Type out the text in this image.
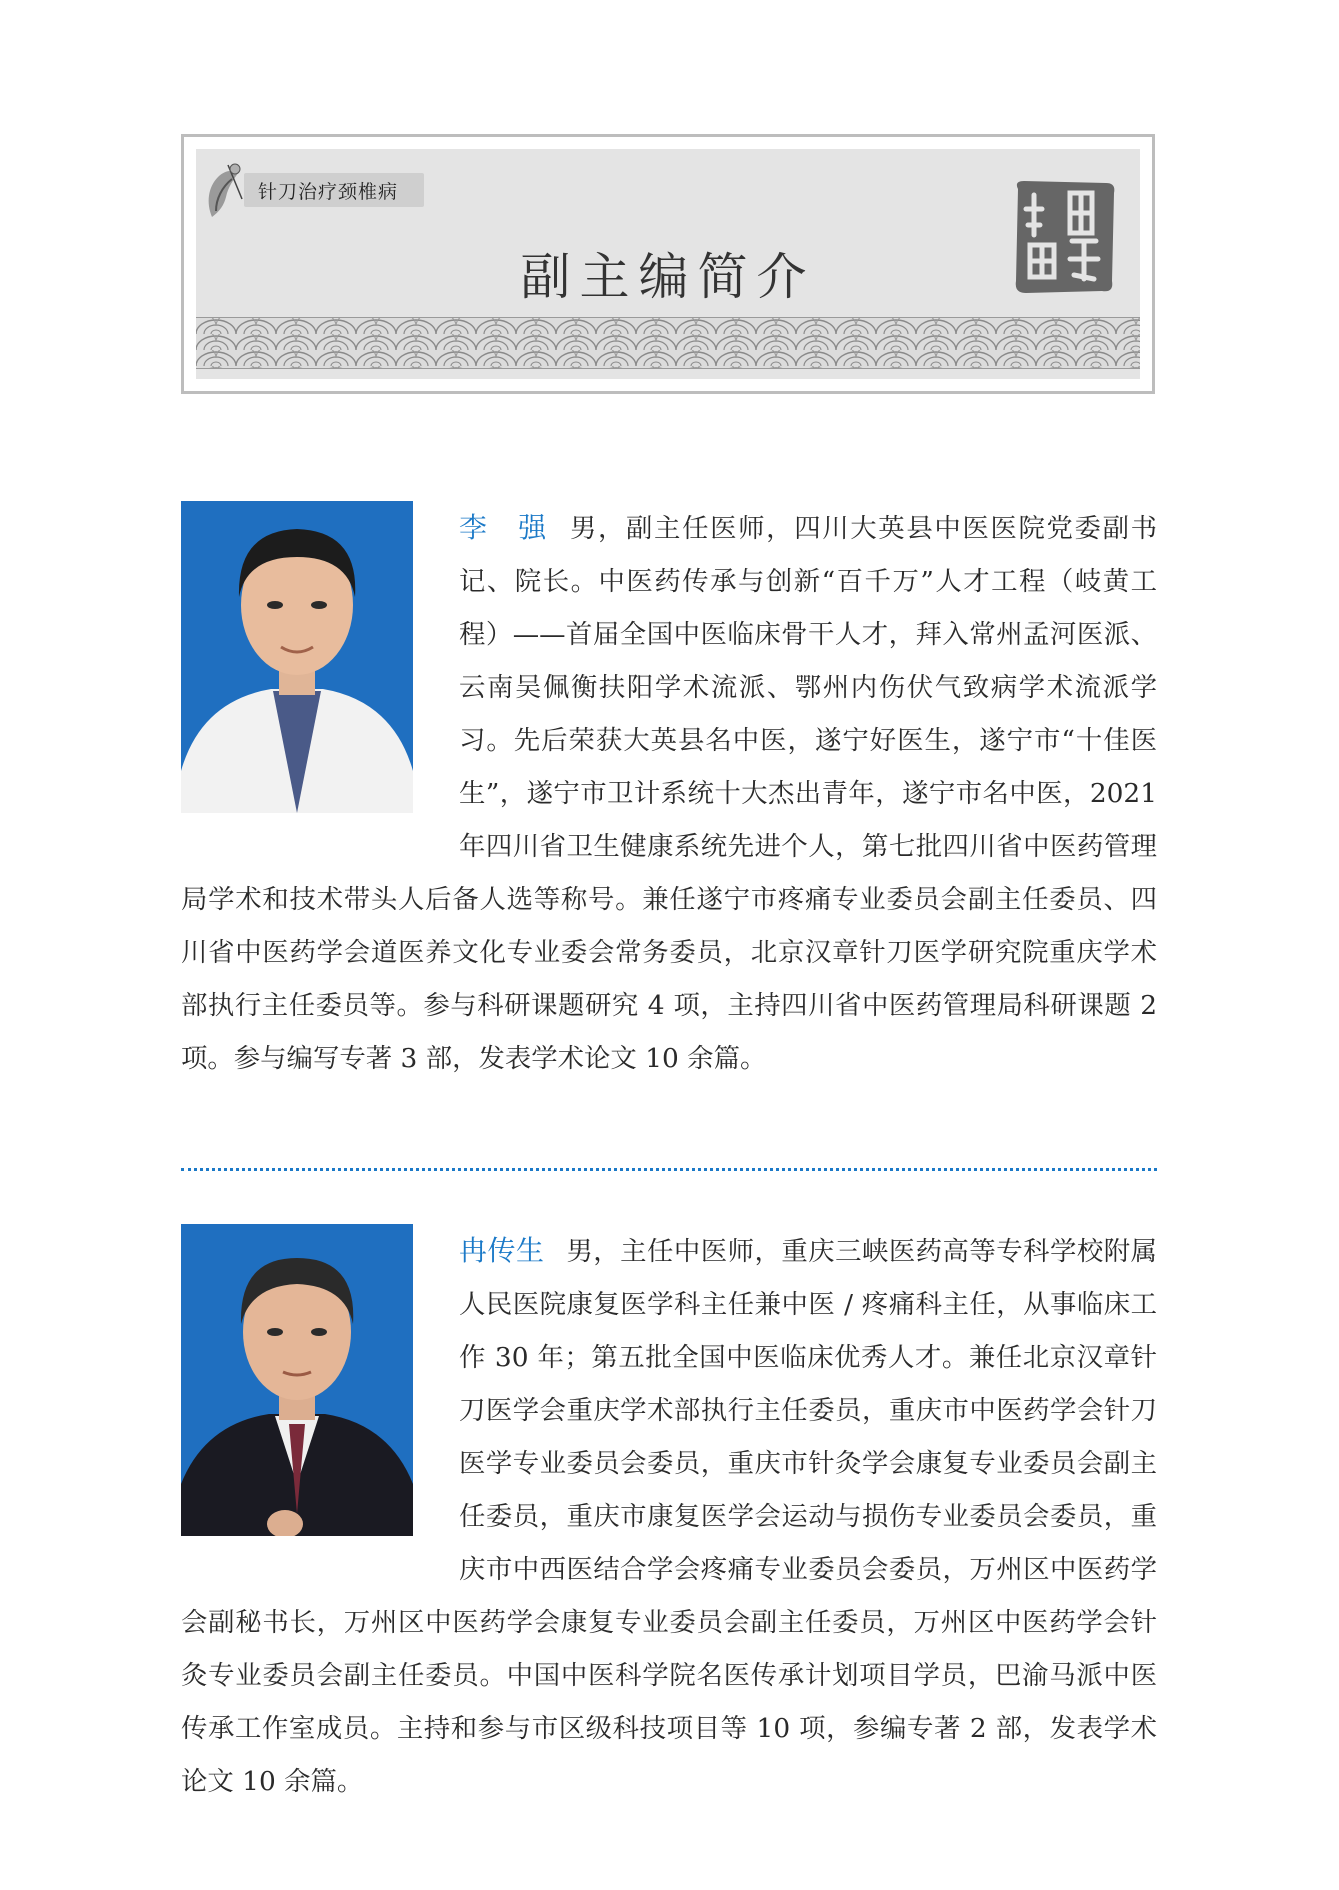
针刀治疗颈椎病
副主编简介

李　强 男，副主任医师，四川大英县中医医院党委副书记、院长。中医药传承与创新“百千万”人才工程（岐黄工程）——首届全国中医临床骨干人才，拜入常州孟河医派、云南吴佩衡扶阳学术流派、鄂州内伤伏气致病学术流派学习。先后荣获大英县名中医，遂宁好医生，遂宁市“十佳医生”，遂宁市卫计系统十大杰出青年，遂宁市名中医，2021 年四川省卫生健康系统先进个人，第七批四川省中医药管理局学术和技术带头人后备人选等称号。兼任遂宁市疼痛专业委员会副主任委员、四川省中医药学会道医养文化专业委会常务委员，北京汉章针刀医学研究院重庆学术部执行主任委员等。参与科研课题研究 4 项，主持四川省中医药管理局科研课题 2 项。参与编写专著 3 部，发表学术论文 10 余篇。

冉传生 男，主任中医师，重庆三峡医药高等专科学校附属人民医院康复医学科主任兼中医 / 疼痛科主任，从事临床工作 30 年；第五批全国中医临床优秀人才。兼任北京汉章针刀医学会重庆学术部执行主任委员，重庆市中医药学会针刀医学专业委员会委员，重庆市针灸学会康复专业委员会副主任委员，重庆市康复医学会运动与损伤专业委员会委员，重庆市中西医结合学会疼痛专业委员会委员，万州区中医药学会副秘书长，万州区中医药学会康复专业委员会副主任委员，万州区中医药学会针灸专业委员会副主任委员。中国中医科学院名医传承计划项目学员，巴渝马派中医传承工作室成员。主持和参与市区级科技项目等 10 项，参编专著 2 部，发表学术论文 10 余篇。
